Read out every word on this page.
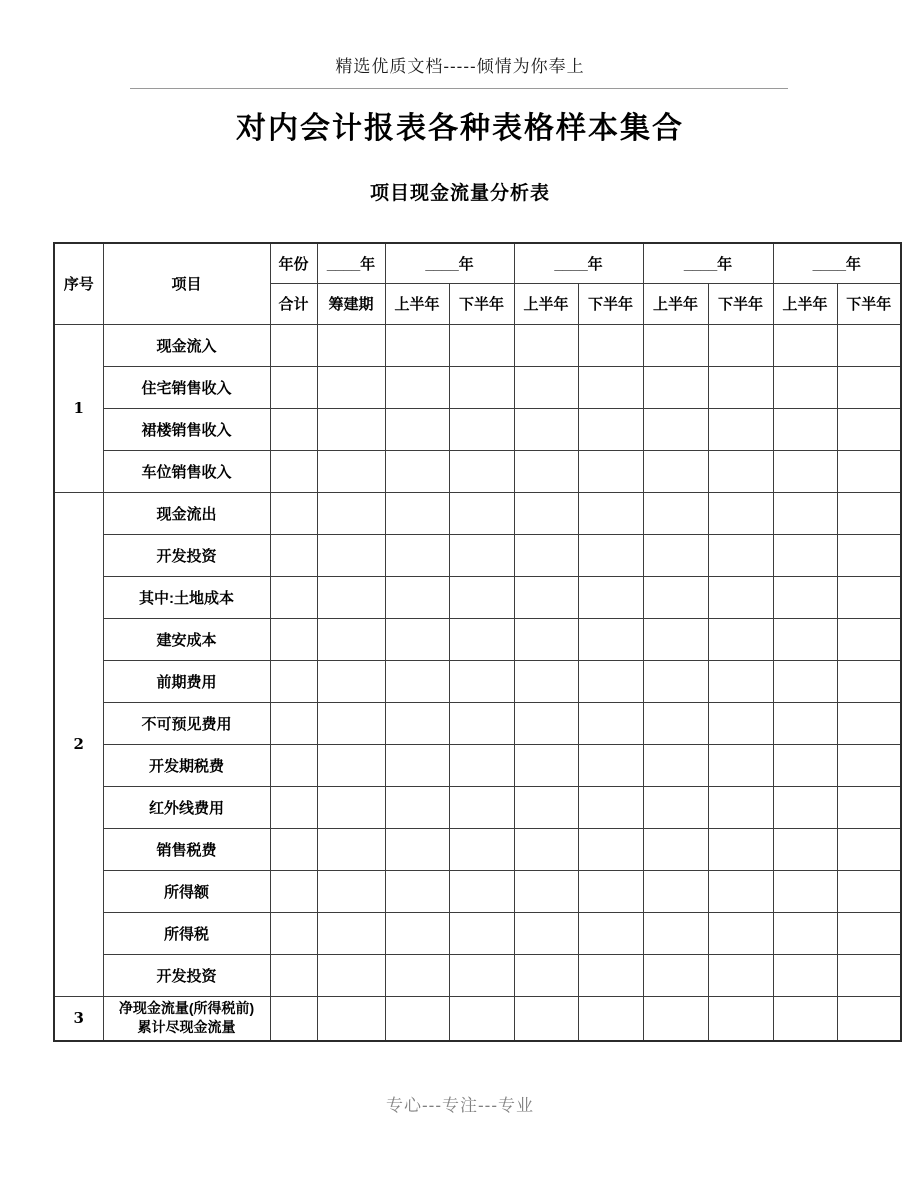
精选优质文档-----倾情为你奉上
对内会计报表各种表格样本集合
项目现金流量分析表
序号	项目	年份	____年	____年		____年		____年		____年	
		合计	筹建期	上半年	下半年	上半年	下半年	上半年	下半年	上半年	下半年
1	现金流入										
	住宅销售收入										
	裙楼销售收入										
	车位销售收入										
2	现金流出										
	开发投资										
	其中:土地成本										
	建安成本										
	前期费用										
	不可预见费用										
	开发期税费										
	红外线费用										
	销售税费										
	所得额										
	所得税										
	开发投资										
3	净现金流量(所得税前)　累计尽现金流量										
专心---专注---专业
